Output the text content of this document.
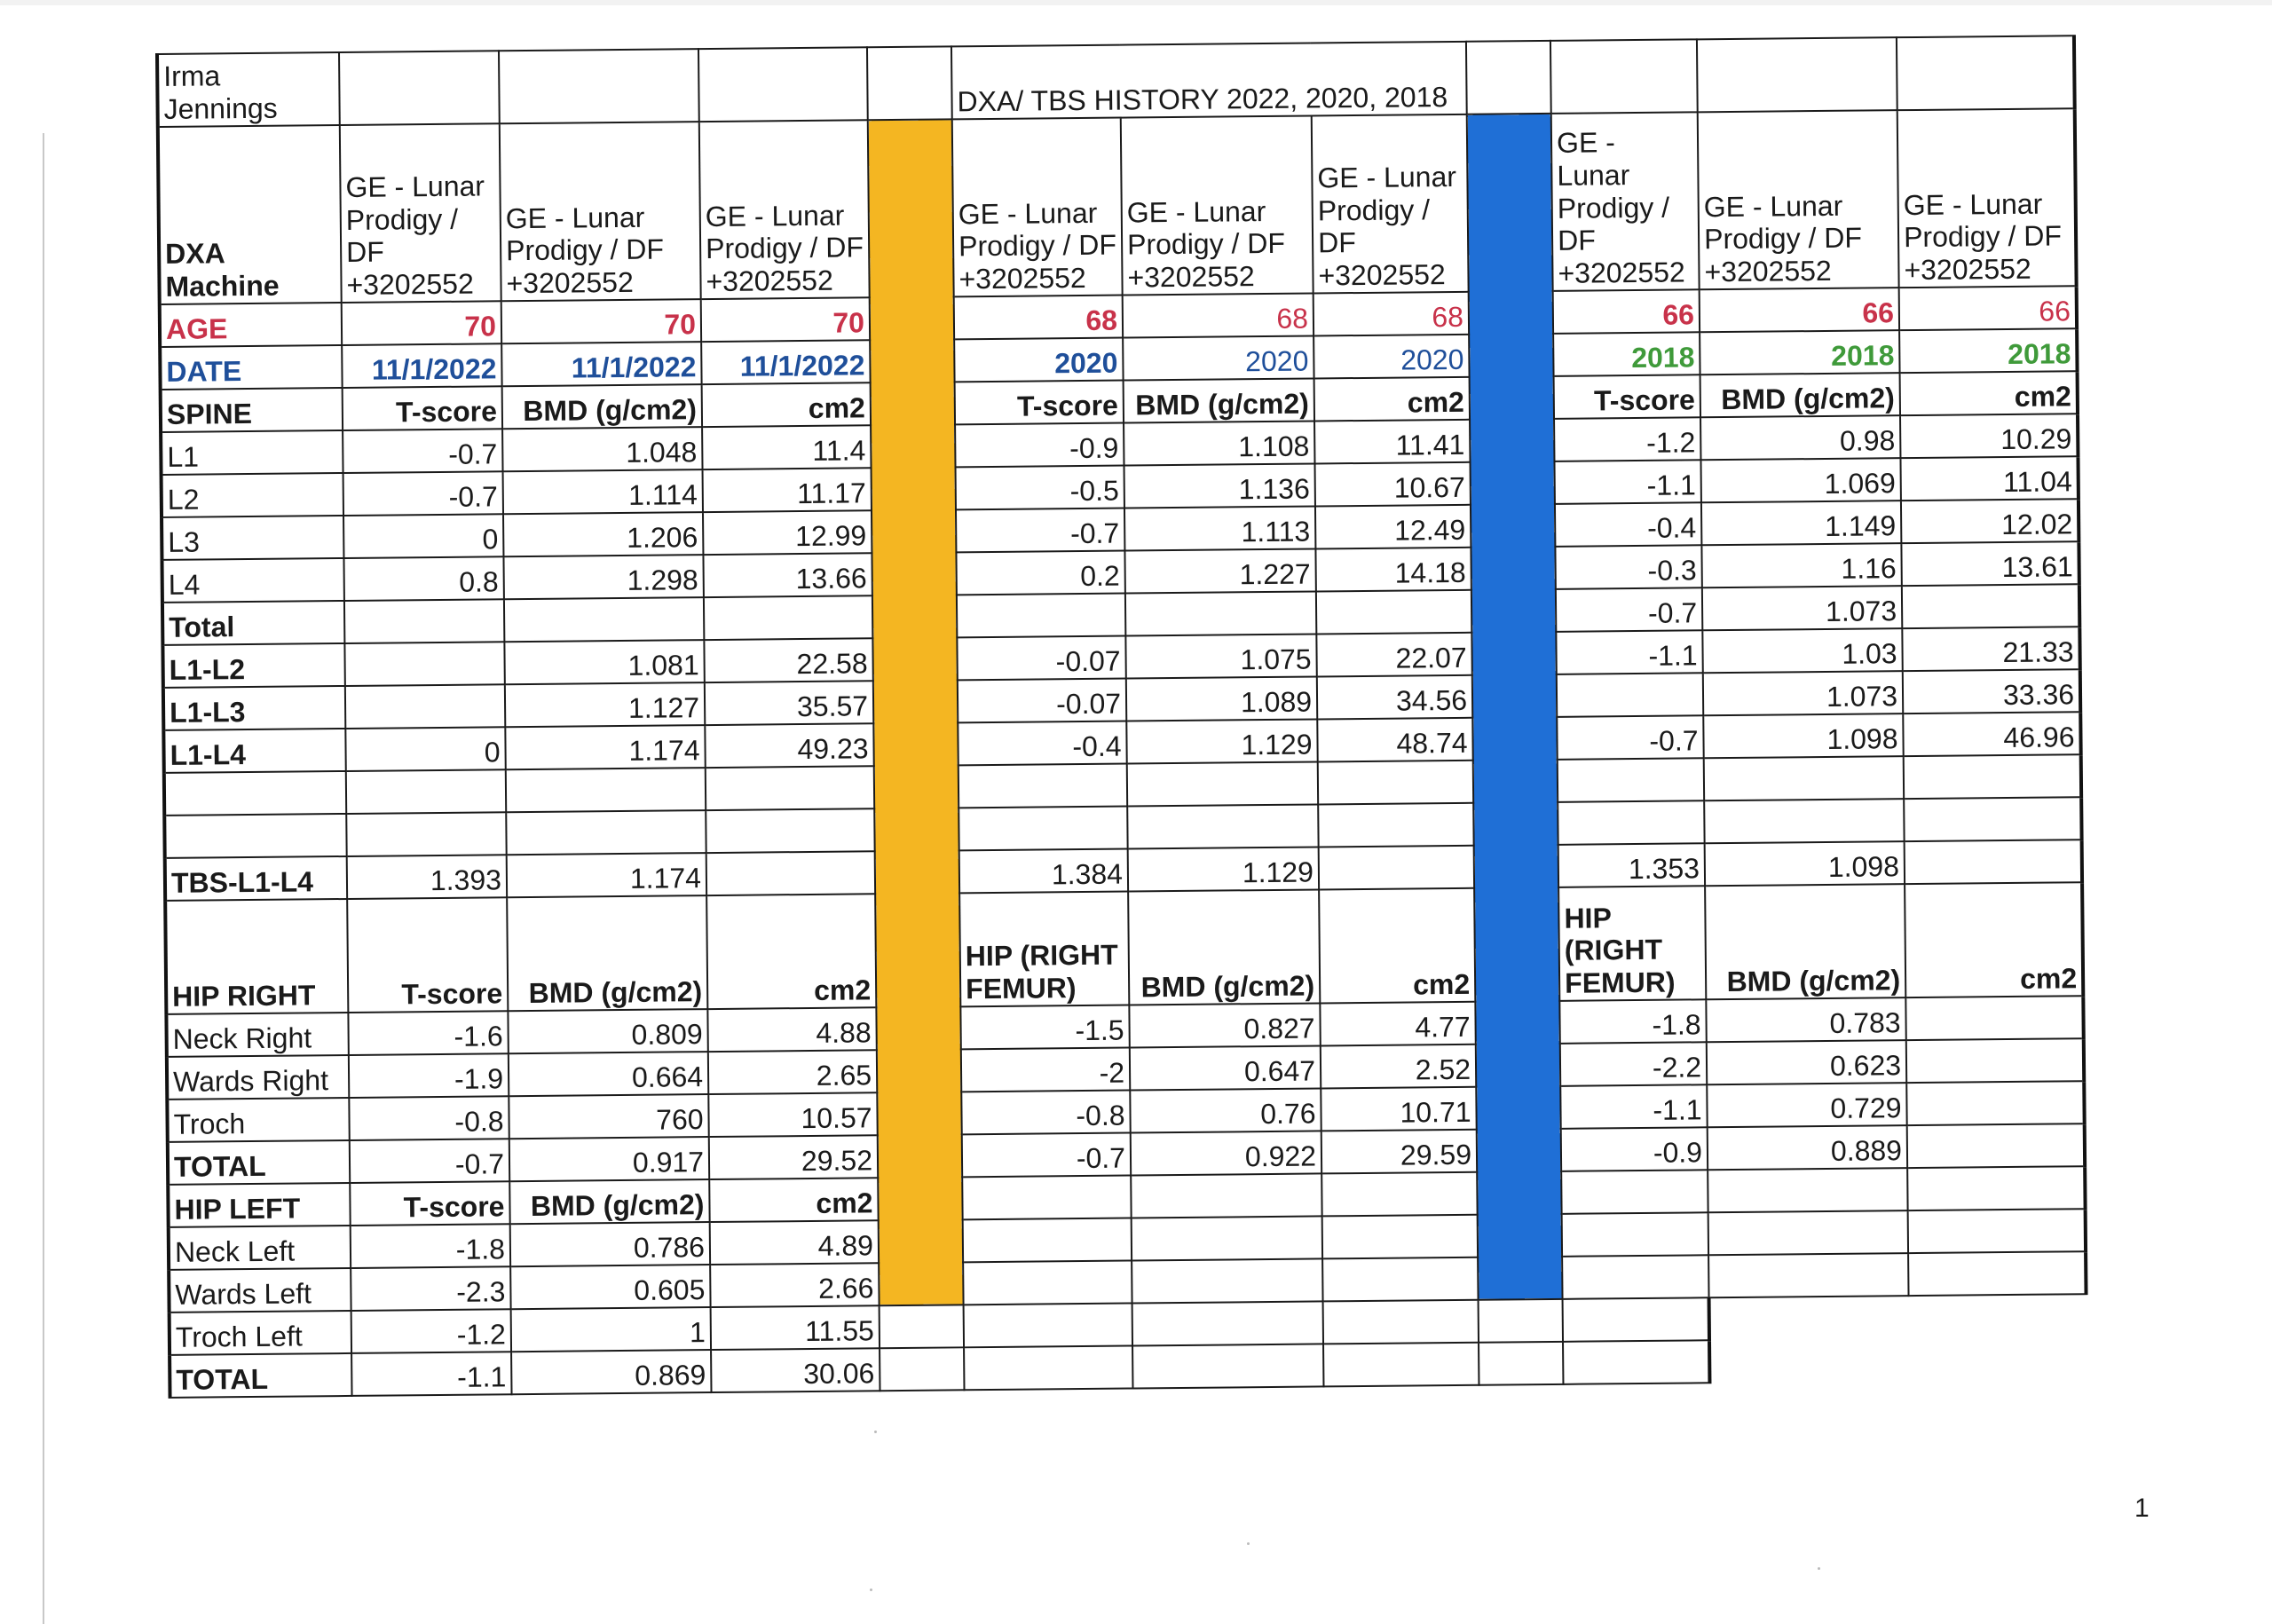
Irma Jennings					DXA/ TBS HISTORY 2022, 2020, 2018						
DXA Machine	GE - Lunar Prodigy / DF +3202552	GE - Lunar Prodigy / DF +3202552	GE - Lunar Prodigy / DF +3202552		GE - Lunar Prodigy / DF +3202552	GE - Lunar Prodigy / DF +3202552	GE - Lunar Prodigy / DF +3202552		GE - Lunar Prodigy / DF +3202552	GE - Lunar Prodigy / DF +3202552	GE - Lunar Prodigy / DF +3202552
AGE	70	70	70		68	68	68		66	66	66
DATE	11/1/2022	11/1/2022	11/1/2022		2020	2020	2020		2018	2018	2018
SPINE	T-score	BMD (g/cm2)	cm2		T-score	BMD (g/cm2)	cm2		T-score	BMD (g/cm2)	cm2
L1	-0.7	1.048	11.4		-0.9	1.108	11.41		-1.2	0.98	10.29
L2	-0.7	1.114	11.17		-0.5	1.136	10.67		-1.1	1.069	11.04
L3	0	1.206	12.99		-0.7	1.113	12.49		-0.4	1.149	12.02
L4	0.8	1.298	13.66		0.2	1.227	14.18		-0.3	1.16	13.61
Total									-0.7	1.073	
L1-L2		1.081	22.58		-0.07	1.075	22.07		-1.1	1.03	21.33
L1-L3		1.127	35.57		-0.07	1.089	34.56			1.073	33.36
L1-L4	0	1.174	49.23		-0.4	1.129	48.74		-0.7	1.098	46.96

TBS-L1-L4	1.393	1.174			1.384	1.129			1.353	1.098	
HIP RIGHT	T-score	BMD (g/cm2)	cm2		HIP (RIGHT FEMUR)	BMD (g/cm2)	cm2		HIP (RIGHT FEMUR)	BMD (g/cm2)	cm2
Neck Right	-1.6	0.809	4.88		-1.5	0.827	4.77		-1.8	0.783	
Wards Right	-1.9	0.664	2.65		-2	0.647	2.52		-2.2	0.623	
Troch	-0.8	760	10.57		-0.8	0.76	10.71		-1.1	0.729	
TOTAL	-0.7	0.917	29.52		-0.7	0.922	29.59		-0.9	0.889	
HIP LEFT	T-score	BMD (g/cm2)	cm2								
Neck Left	-1.8	0.786	4.89								
Wards Left	-2.3	0.605	2.66								
Troch Left	-1.2	1	11.55								
TOTAL	-1.1	0.869	30.06								
1
